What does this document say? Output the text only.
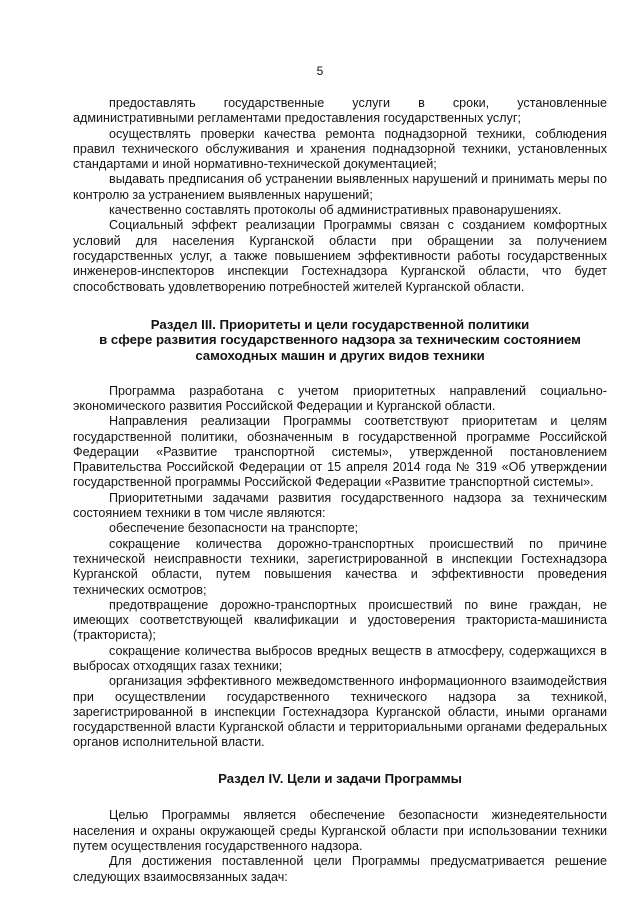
5

предоставлять государственные услуги в сроки, установленные административными регламентами предоставления государственных услуг;

осуществлять проверки качества ремонта поднадзорной техники, соблюдения правил технического обслуживания и хранения поднадзорной техники, установленных стандартами и иной нормативно-технической документацией;

выдавать предписания об устранении выявленных нарушений и принимать меры по контролю за устранением выявленных нарушений;

качественно составлять протоколы об административных правонарушениях.

Социальный эффект реализации Программы связан с созданием комфортных условий для населения Курганской области при обращении за получением государственных услуг, а также повышением эффективности работы государственных инженеров-инспекторов инспекции Гостехнадзора Курганской области, что будет способствовать удовлетворению потребностей жителей Курганской области.

Раздел III. Приоритеты и цели государственной политики
в сфере развития государственного надзора за техническим состоянием
самоходных машин и других видов техники

Программа разработана с учетом приоритетных направлений социально-экономического развития Российской Федерации и Курганской области.

Направления реализации Программы соответствуют приоритетам и целям государственной политики, обозначенным в государственной программе Российской Федерации «Развитие транспортной системы», утвержденной постановлением Правительства Российской Федерации от 15 апреля 2014 года № 319 «Об утверждении государственной программы Российской Федерации «Развитие транспортной системы».

Приоритетными задачами развития государственного надзора за техническим состоянием техники в том числе являются:

обеспечение безопасности на транспорте;

сокращение количества дорожно-транспортных происшествий по причине технической неисправности техники, зарегистрированной в инспекции Гостехнадзора Курганской области, путем повышения качества и эффективности проведения технических осмотров;

предотвращение дорожно-транспортных происшествий по вине граждан, не имеющих соответствующей квалификации и удостоверения тракториста-машиниста (тракториста);

сокращение количества выбросов вредных веществ в атмосферу, содержащихся в выбросах отходящих газах техники;

организация эффективного межведомственного информационного взаимодействия при осуществлении государственного технического надзора за техникой, зарегистрированной в инспекции Гостехнадзора Курганской области, иными органами государственной власти Курганской области и территориальными органами федеральных органов исполнительной власти.

Раздел IV. Цели и задачи Программы

Целью Программы является обеспечение безопасности жизнедеятельности населения и охраны окружающей среды Курганской области при использовании техники путем осуществления государственного надзора.

Для достижения поставленной цели Программы предусматривается решение следующих взаимосвязанных задач:
